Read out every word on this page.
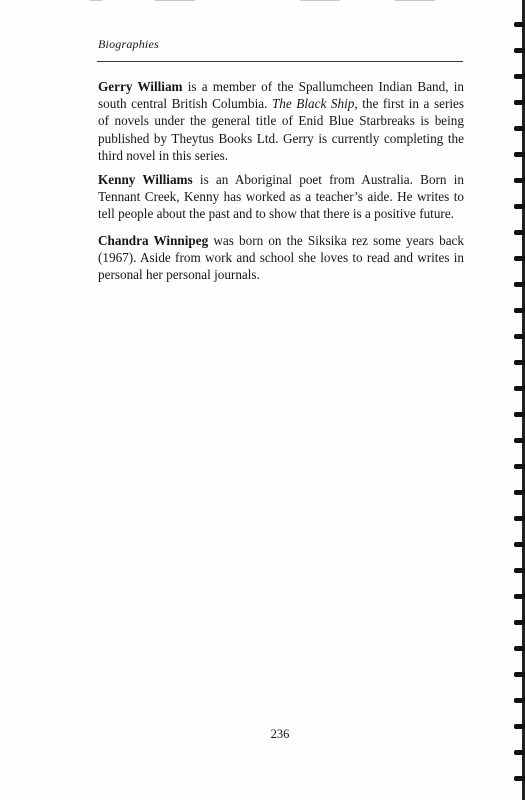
Biographies

Gerry William is a member of the Spallumcheen Indian Band, in south central British Columbia. The Black Ship, the first in a series of novels under the general title of Enid Blue Starbreaks is being published by Theytus Books Ltd. Gerry is currently completing the third novel in this series.

Kenny Williams is an Aboriginal poet from Australia. Born in Tennant Creek, Kenny has worked as a teacher’s aide. He writes to tell people about the past and to show that there is a positive future.

Chandra Winnipeg was born on the Siksika rez some years back (1967). Aside from work and school she loves to read and writes in personal her personal journals.

236
